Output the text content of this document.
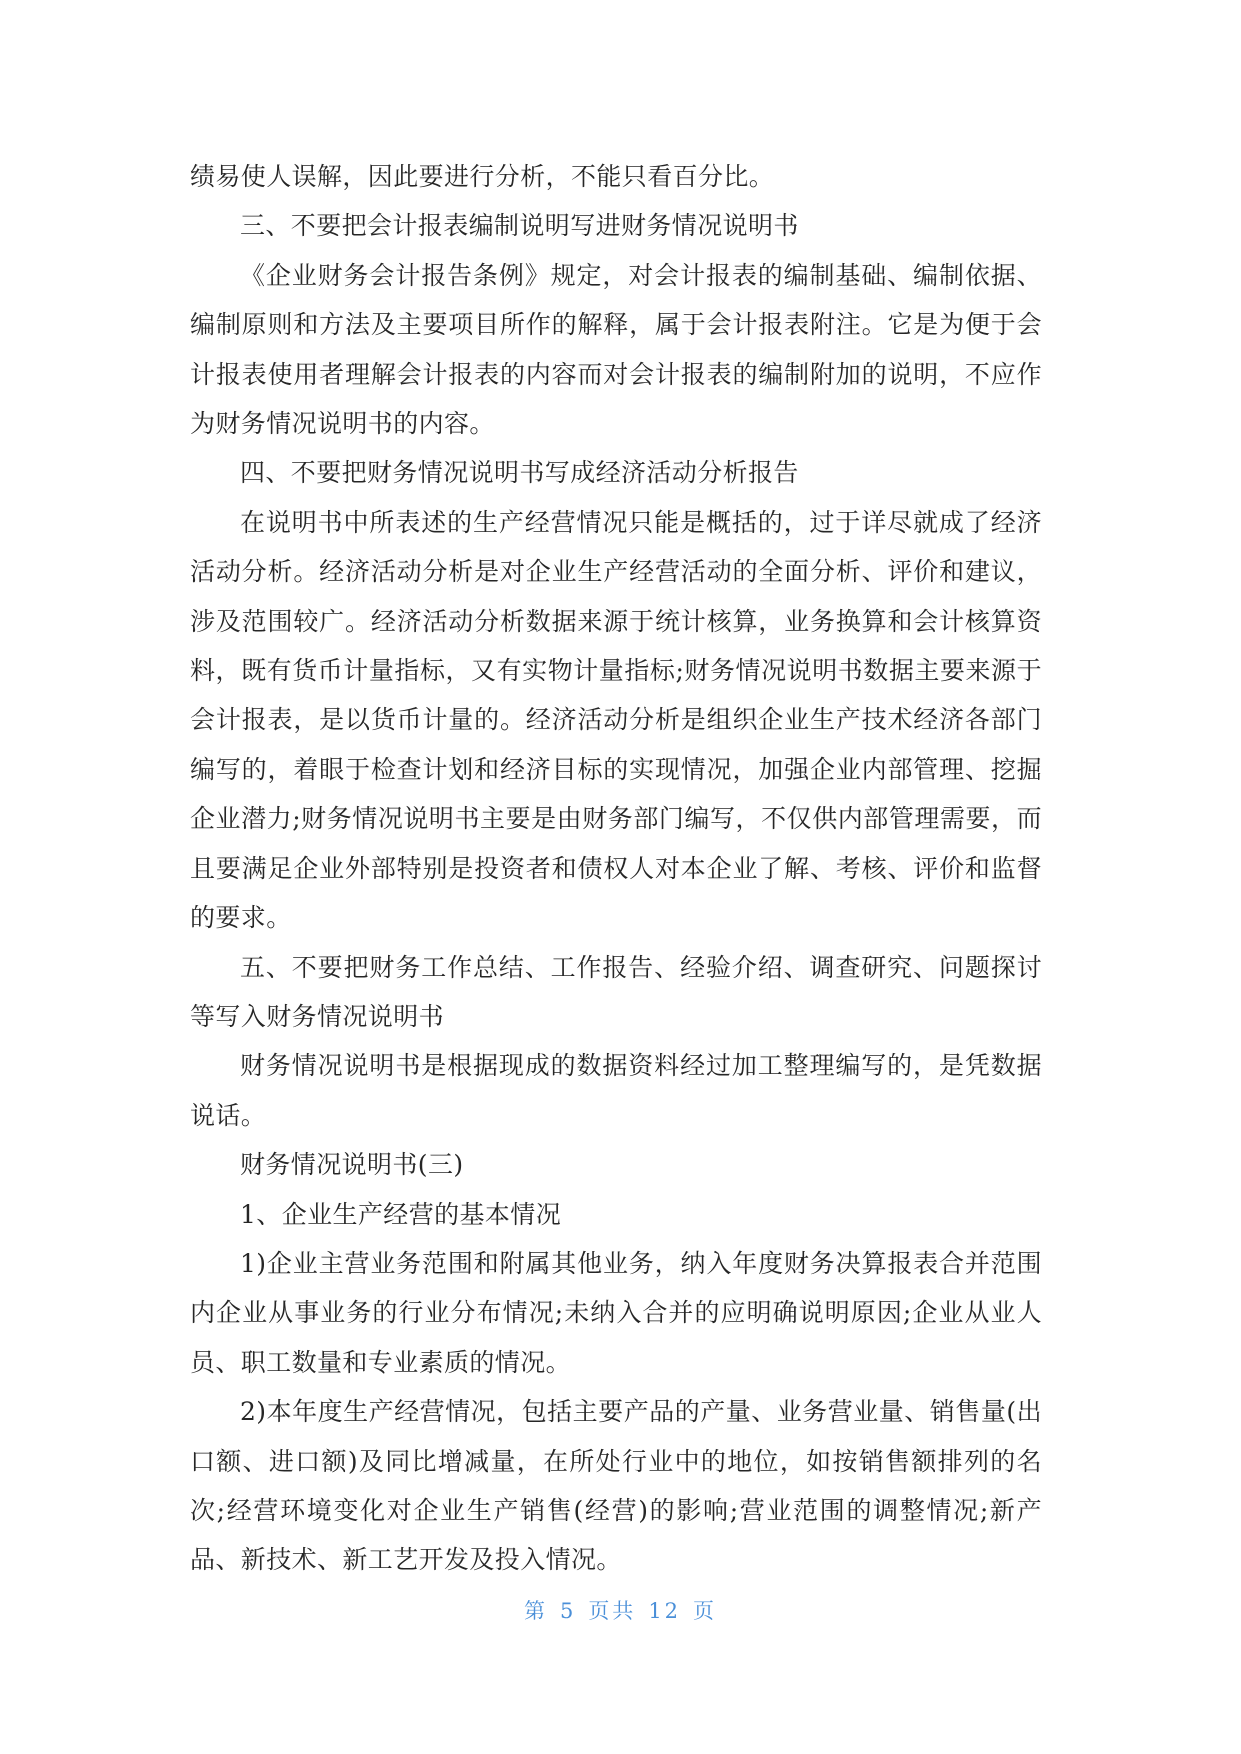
绩易使人误解，因此要进行分析，不能只看百分比。

三、不要把会计报表编制说明写进财务情况说明书

《企业财务会计报告条例》规定，对会计报表的编制基础、编制依据、编制原则和方法及主要项目所作的解释，属于会计报表附注。它是为便于会计报表使用者理解会计报表的内容而对会计报表的编制附加的说明，不应作为财务情况说明书的内容。

四、不要把财务情况说明书写成经济活动分析报告

在说明书中所表述的生产经营情况只能是概括的，过于详尽就成了经济活动分析。经济活动分析是对企业生产经营活动的全面分析、评价和建议，涉及范围较广。经济活动分析数据来源于统计核算，业务换算和会计核算资料，既有货币计量指标，又有实物计量指标;财务情况说明书数据主要来源于会计报表，是以货币计量的。经济活动分析是组织企业生产技术经济各部门编写的，着眼于检查计划和经济目标的实现情况，加强企业内部管理、挖掘企业潜力;财务情况说明书主要是由财务部门编写，不仅供内部管理需要，而且要满足企业外部特别是投资者和债权人对本企业了解、考核、评价和监督的要求。

五、不要把财务工作总结、工作报告、经验介绍、调查研究、问题探讨等写入财务情况说明书

财务情况说明书是根据现成的数据资料经过加工整理编写的，是凭数据说话。

财务情况说明书(三)

1、企业生产经营的基本情况

1)企业主营业务范围和附属其他业务，纳入年度财务决算报表合并范围内企业从事业务的行业分布情况;未纳入合并的应明确说明原因;企业从业人员、职工数量和专业素质的情况。

2)本年度生产经营情况，包括主要产品的产量、业务营业量、销售量(出口额、进口额)及同比增减量，在所处行业中的地位，如按销售额排列的名次;经营环境变化对企业生产销售(经营)的影响;营业范围的调整情况;新产品、新技术、新工艺开发及投入情况。

第 5 页共 12 页
